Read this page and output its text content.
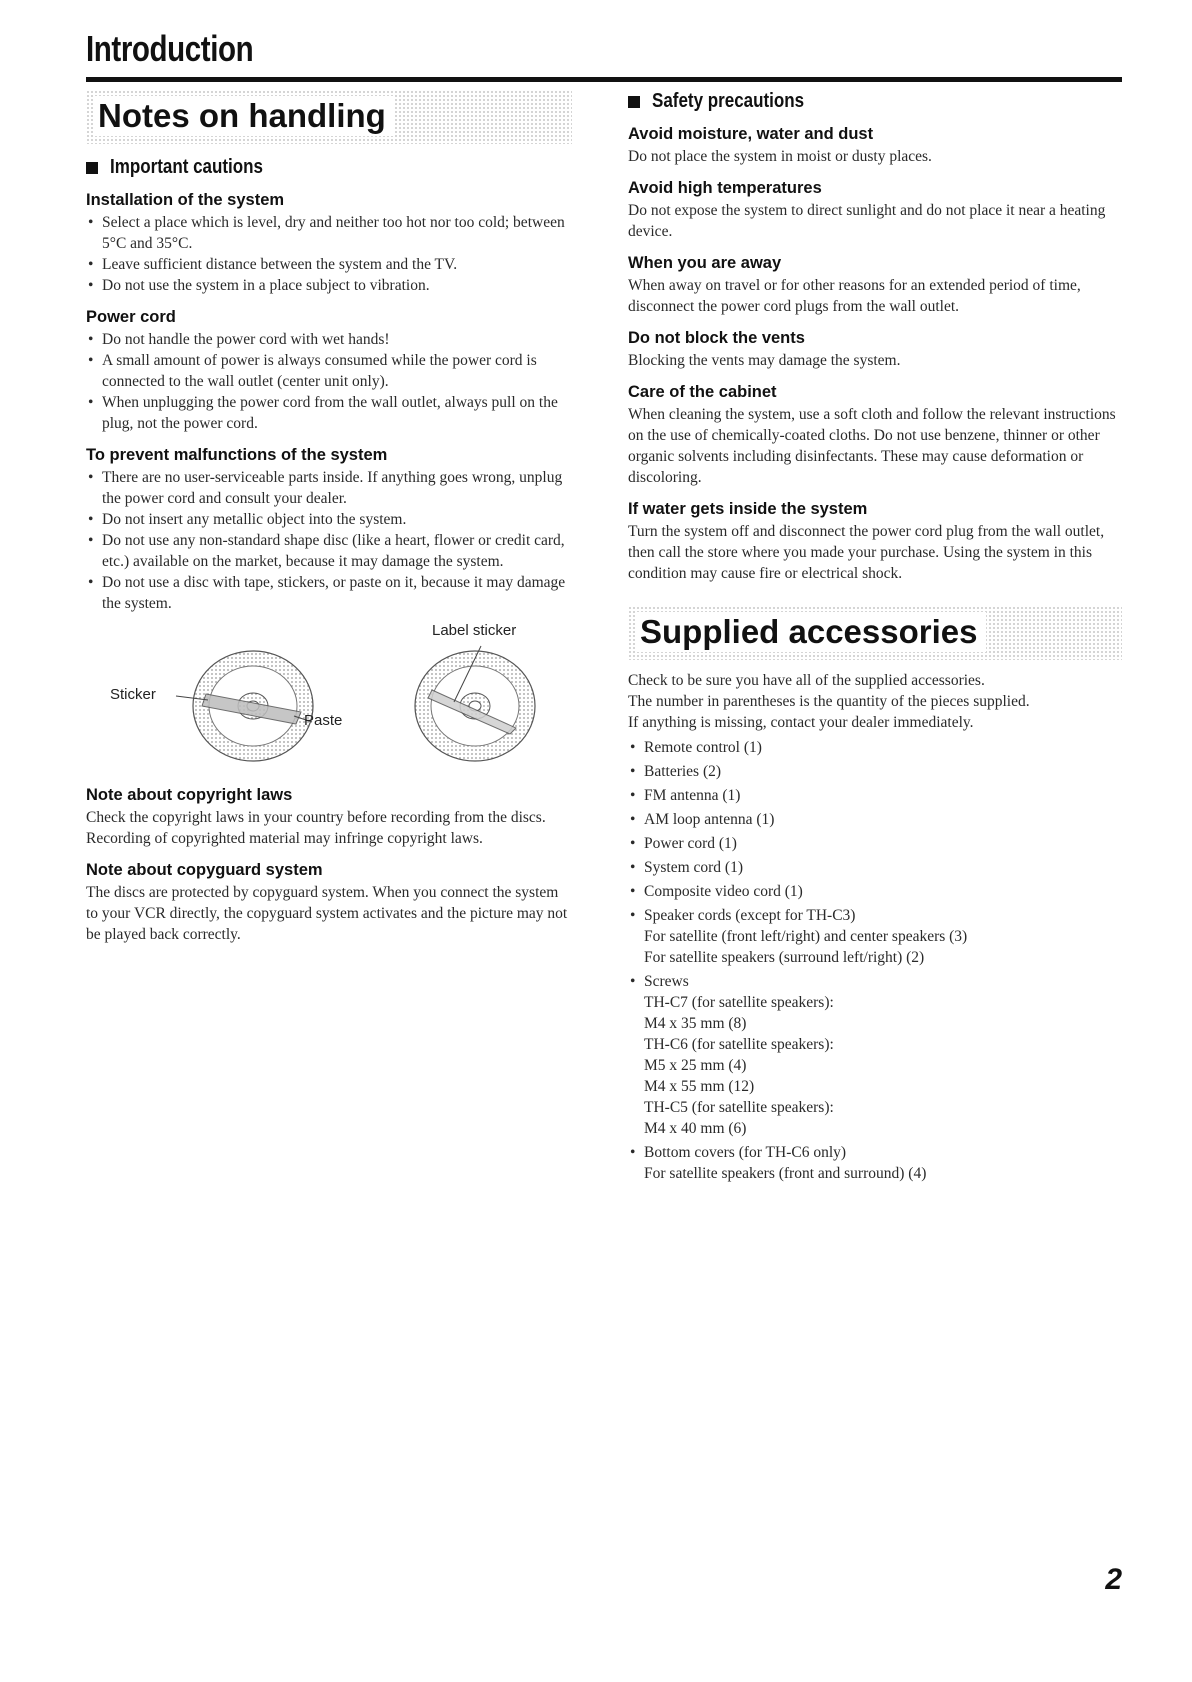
Introduction
Notes on handling
Important cautions
Installation of the system
• Select a place which is level, dry and neither too hot nor too cold; between 5°C and 35°C.
• Leave sufficient distance between the system and the TV.
• Do not use the system in a place subject to vibration.
Power cord
• Do not handle the power cord with wet hands!
• A small amount of power is always consumed while the power cord is connected to the wall outlet (center unit only).
• When unplugging the power cord from the wall outlet, always pull on the plug, not the power cord.
To prevent malfunctions of the system
• There are no user-serviceable parts inside. If anything goes wrong, unplug the power cord and consult your dealer.
• Do not insert any metallic object into the system.
• Do not use any non-standard shape disc (like a heart, flower or credit card, etc.) available on the market, because it may damage the system.
• Do not use a disc with tape, stickers, or paste on it, because it may damage the system.
Label sticker
Sticker
Paste
Note about copyright laws

Check the copyright laws in your country before recording from the discs. Recording of copyrighted material may infringe copyright laws.

Note about copyguard system

The discs are protected by copyguard system. When you connect the system to your VCR directly, the copyguard system activates and the picture may not be played back correctly.

Safety precautions
Avoid moisture, water and dust

Do not place the system in moist or dusty places.

Avoid high temperatures

Do not expose the system to direct sunlight and do not place it near a heating device.

When you are away

When away on travel or for other reasons for an extended period of time, disconnect the power cord plugs from the wall outlet.

Do not block the vents

Blocking the vents may damage the system.

Care of the cabinet

When cleaning the system, use a soft cloth and follow the relevant instructions on the use of chemically-coated cloths. Do not use benzene, thinner or other organic solvents including disinfectants. These may cause deformation or discoloring.

If water gets inside the system

Turn the system off and disconnect the power cord plug from the wall outlet, then call the store where you made your purchase. Using the system in this condition may cause fire or electrical shock.

Supplied accessories

Check to be sure you have all of the supplied accessories.

The number in parentheses is the quantity of the pieces supplied.

If anything is missing, contact your dealer immediately.

• Remote control (1)
• Batteries (2)
• FM antenna (1)
• AM loop antenna (1)
• Power cord (1)
• System cord (1)
• Composite video cord (1)
• Speaker cords (except for TH-C3)
For satellite (front left/right) and center speakers (3)
For satellite speakers (surround left/right) (2)
• Screws
TH-C7 (for satellite speakers):
M4 x 35 mm (8)
TH-C6 (for satellite speakers):
M5 x 25 mm (4)
M4 x 55 mm (12)
TH-C5 (for satellite speakers):
M4 x 40 mm (6)
• Bottom covers (for TH-C6 only)
For satellite speakers (front and surround) (4)
2
